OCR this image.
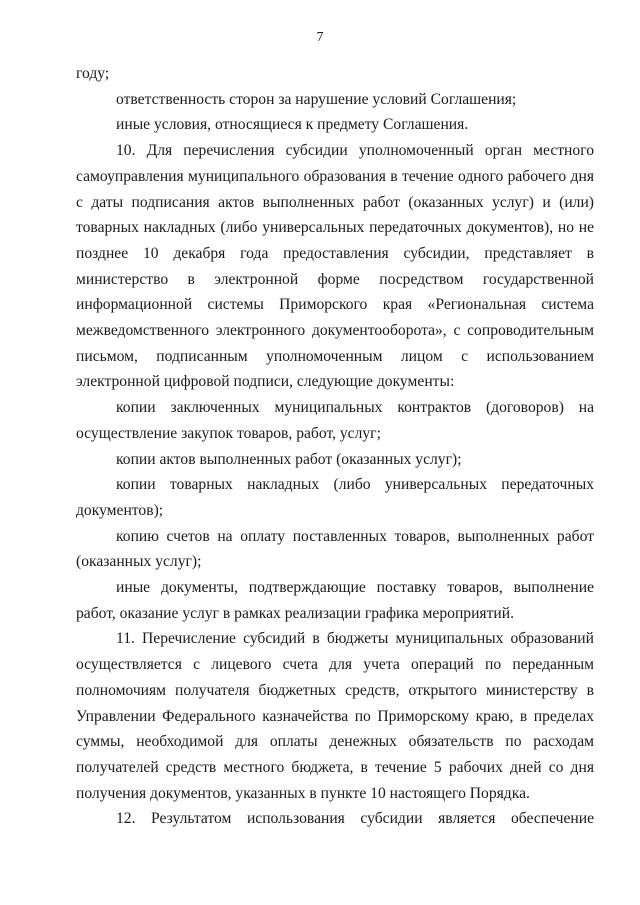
7

году;

ответственность сторон за нарушение условий Соглашения;

иные условия, относящиеся к предмету Соглашения.

10. Для перечисления субсидии уполномоченный орган местного самоуправления муниципального образования в течение одного рабочего дня с даты подписания актов выполненных работ (оказанных услуг) и (или) товарных накладных (либо универсальных передаточных документов), но не позднее 10 декабря года предоставления субсидии, представляет в министерство в электронной форме посредством государственной информационной системы Приморского края «Региональная система межведомственного электронного документооборота», с сопроводительным письмом, подписанным уполномоченным лицом с использованием электронной цифровой подписи, следующие документы:

копии заключенных муниципальных контрактов (договоров) на осуществление закупок товаров, работ, услуг;

копии актов выполненных работ (оказанных услуг);

копии товарных накладных (либо универсальных передаточных документов);

копию счетов на оплату поставленных товаров, выполненных работ (оказанных услуг);

иные документы, подтверждающие поставку товаров, выполнение работ, оказание услуг в рамках реализации графика мероприятий.

11. Перечисление субсидий в бюджеты муниципальных образований осуществляется с лицевого счета для учета операций по переданным полномочиям получателя бюджетных средств, открытого министерству в Управлении Федерального казначейства по Приморскому краю, в пределах суммы, необходимой для оплаты денежных обязательств по расходам получателей средств местного бюджета, в течение 5 рабочих дней со дня получения документов, указанных в пункте 10 настоящего Порядка.

12. Результатом использования субсидии является обеспечение
